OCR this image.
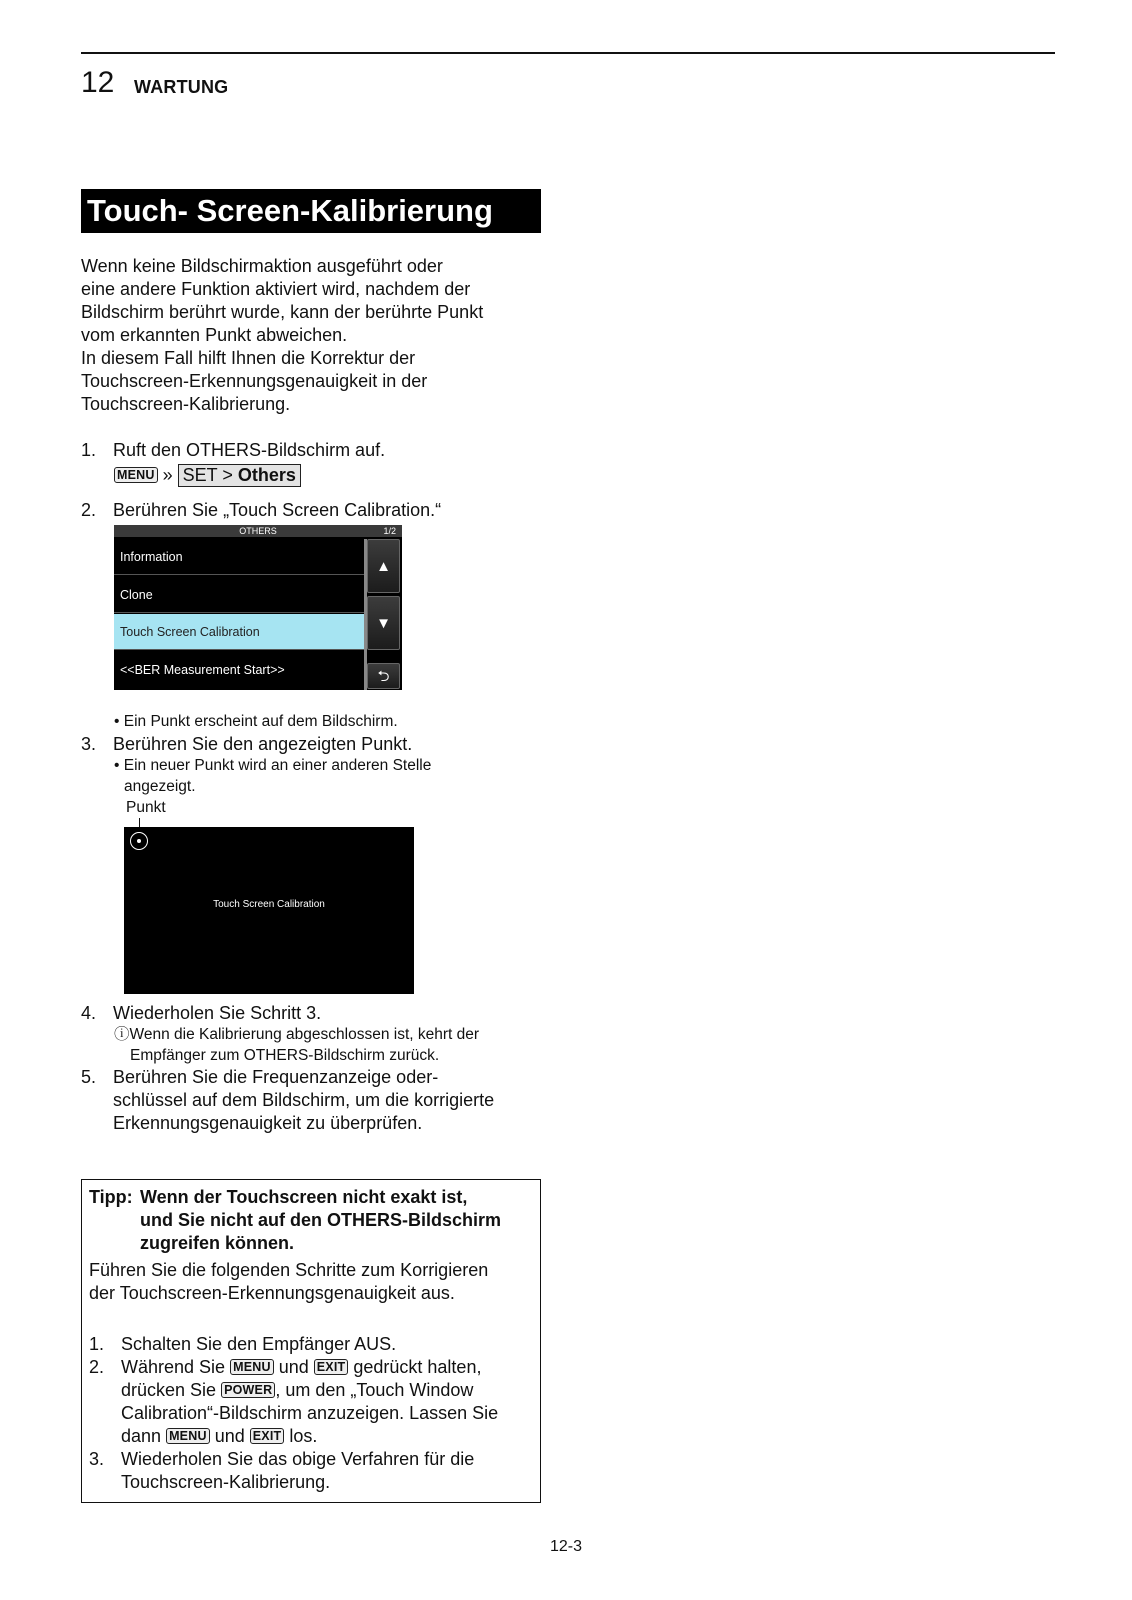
12 WARTUNG
Touch- Screen-Kalibrierung

Wenn keine Bildschirmaktion ausgeführt oder

eine andere Funktion aktiviert wird, nachdem der

Bildschirm berührt wurde, kann der berührte Punkt

vom erkannten Punkt abweichen.

In diesem Fall hilft Ihnen die Korrektur der

Touchscreen-Erkennungsgenauigkeit in der

Touchscreen-Kalibrierung.

1. Ruft den OTHERS-Bildschirm auf.
MENU » SET > Others
2. Berühren Sie „Touch Screen Calibration.“
OTHERS	1/2
Information
Clone
Touch Screen Calibration
<<BER Measurement Start>>
▲
▼
⮌
• Ein Punkt erscheint auf dem Bildschirm.
3. Berühren Sie den angezeigten Punkt.
• Ein neuer Punkt wird an einer anderen Stelle
angezeigt.
Punkt
Touch Screen Calibration
4. Wiederholen Sie Schritt 3.
ⓘWenn die Kalibrierung abgeschlossen ist, kehrt der
Empfänger zum OTHERS-Bildschirm zurück.
5. Berühren Sie die Frequenzanzeige oder-
schlüssel auf dem Bildschirm, um die korrigierte
Erkennungsgenauigkeit zu überprüfen.
Tipp: Wenn der Touchscreen nicht exakt ist,
und Sie nicht auf den OTHERS-Bildschirm
zugreifen können.
Führen Sie die folgenden Schritte zum Korrigieren
der Touchscreen-Erkennungsgenauigkeit aus.
1. Schalten Sie den Empfänger AUS.
2. Während Sie MENU und EXIT gedrückt halten,
drücken Sie POWER , um den „Touch Window
Calibration“-Bildschirm anzuzeigen. Lassen Sie
dann MENU und EXIT los.
3. Wiederholen Sie das obige Verfahren für die
Touchscreen-Kalibrierung.
12-3
